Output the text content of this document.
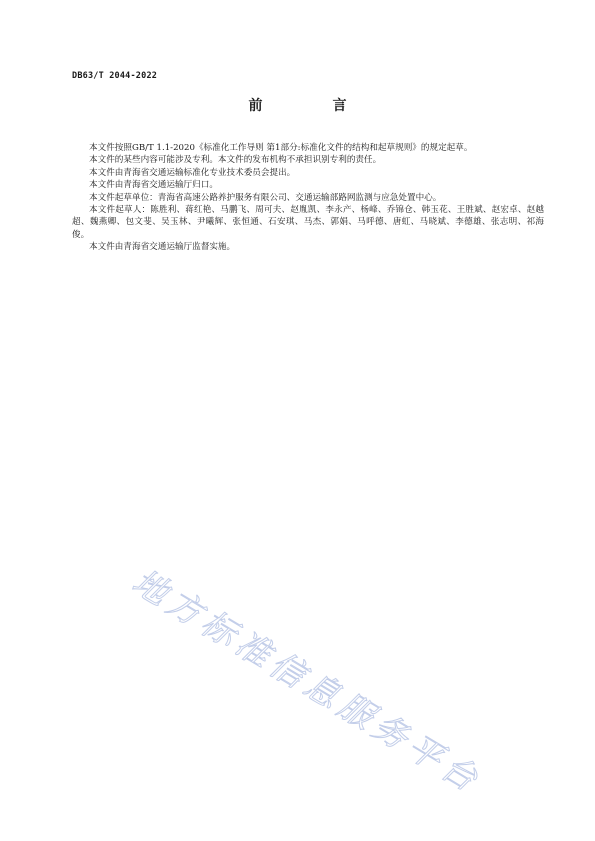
DB63/T 2044-2022
前　言

本文件按照GB/T 1.1-2020《标准化工作导则 第1部分:标准化文件的结构和起草规则》的规定起草。

本文件的某些内容可能涉及专利。本文件的发布机构不承担识别专利的责任。

本文件由青海省交通运输标准化专业技术委员会提出。

本文件由青海省交通运输厅归口。

本文件起草单位：青海省高速公路养护服务有限公司、交通运输部路网监测与应急处置中心。

本文件起草人：陈胜利、蒋红艳、马鹏飞、周可夫、赵胤凯、李永产、杨峰、乔锦仓、韩玉花、王胜斌、赵宏卓、赵越超、魏燕卿、包文斐、吴玉林、尹曦辉、张恒通、石安琪、马杰、郭娟、马呼德、唐虹、马晓斌、李德雄、张志明、祁海俊。

本文件由青海省交通运输厅监督实施。

地方标准信息服务平台
